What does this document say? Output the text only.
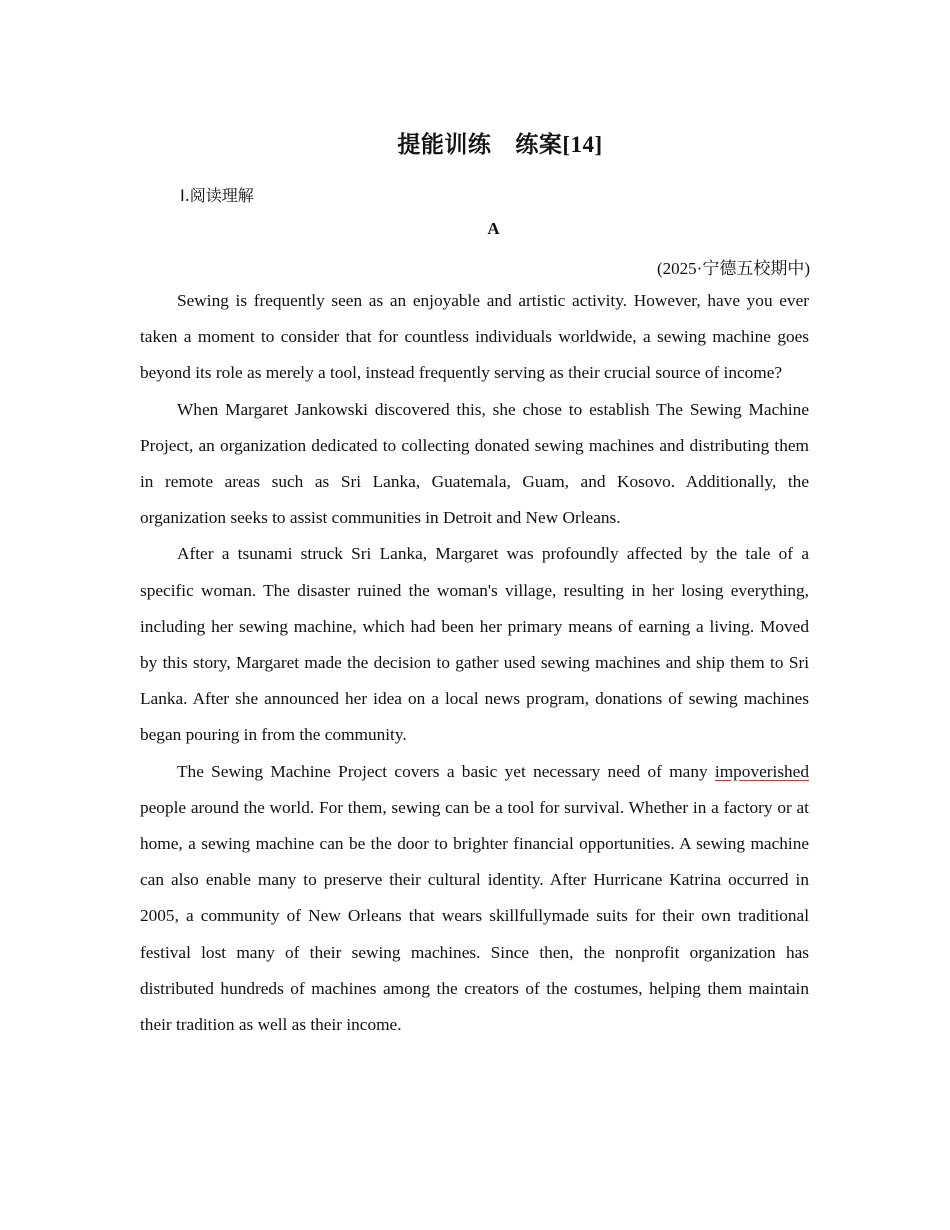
提能训练 练案[14]
Ⅰ.阅读理解
A
(2025·宁德五校期中)

Sewing is frequently seen as an enjoyable and artistic activity. However, have you ever taken a moment to consider that for countless individuals worldwide, a sewing machine goes beyond its role as merely a tool, instead frequently serving as their crucial source of income?

When Margaret Jankowski discovered this, she chose to establish The Sewing Machine Project, an organization dedicated to collecting donated sewing machines and distributing them in remote areas such as Sri Lanka, Guatemala, Guam, and Kosovo. Additionally, the organization seeks to assist communities in Detroit and New Orleans.

After a tsunami struck Sri Lanka, Margaret was profoundly affected by the tale of a specific woman. The disaster ruined the woman's village, resulting in her losing everything, including her sewing machine, which had been her primary means of earning a living. Moved by this story, Margaret made the decision to gather used sewing machines and ship them to Sri Lanka. After she announced her idea on a local news program, donations of sewing machines began pouring in from the community.

The Sewing Machine Project covers a basic yet necessary need of many impoverished people around the world. For them, sewing can be a tool for survival. Whether in a factory or at home, a sewing machine can be the door to brighter financial opportunities. A sewing machine can also enable many to preserve their cultural identity. After Hurricane Katrina occurred in 2005, a community of New Orleans that wears skillfullymade suits for their own traditional festival lost many of their sewing machines. Since then, the nonprofit organization has distributed hundreds of machines among the creators of the costumes, helping them maintain their tradition as well as their income.
